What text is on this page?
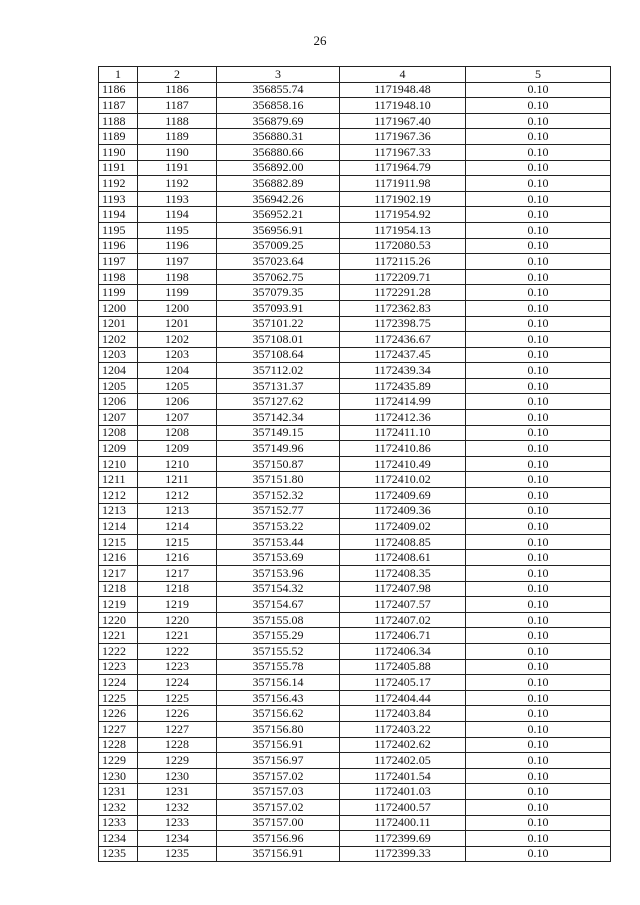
26
1	2	3	4	5
1186	1186	356855.74	1171948.48	0.10
1187	1187	356858.16	1171948.10	0.10
1188	1188	356879.69	1171967.40	0.10
1189	1189	356880.31	1171967.36	0.10
1190	1190	356880.66	1171967.33	0.10
1191	1191	356892.00	1171964.79	0.10
1192	1192	356882.89	1171911.98	0.10
1193	1193	356942.26	1171902.19	0.10
1194	1194	356952.21	1171954.92	0.10
1195	1195	356956.91	1171954.13	0.10
1196	1196	357009.25	1172080.53	0.10
1197	1197	357023.64	1172115.26	0.10
1198	1198	357062.75	1172209.71	0.10
1199	1199	357079.35	1172291.28	0.10
1200	1200	357093.91	1172362.83	0.10
1201	1201	357101.22	1172398.75	0.10
1202	1202	357108.01	1172436.67	0.10
1203	1203	357108.64	1172437.45	0.10
1204	1204	357112.02	1172439.34	0.10
1205	1205	357131.37	1172435.89	0.10
1206	1206	357127.62	1172414.99	0.10
1207	1207	357142.34	1172412.36	0.10
1208	1208	357149.15	1172411.10	0.10
1209	1209	357149.96	1172410.86	0.10
1210	1210	357150.87	1172410.49	0.10
1211	1211	357151.80	1172410.02	0.10
1212	1212	357152.32	1172409.69	0.10
1213	1213	357152.77	1172409.36	0.10
1214	1214	357153.22	1172409.02	0.10
1215	1215	357153.44	1172408.85	0.10
1216	1216	357153.69	1172408.61	0.10
1217	1217	357153.96	1172408.35	0.10
1218	1218	357154.32	1172407.98	0.10
1219	1219	357154.67	1172407.57	0.10
1220	1220	357155.08	1172407.02	0.10
1221	1221	357155.29	1172406.71	0.10
1222	1222	357155.52	1172406.34	0.10
1223	1223	357155.78	1172405.88	0.10
1224	1224	357156.14	1172405.17	0.10
1225	1225	357156.43	1172404.44	0.10
1226	1226	357156.62	1172403.84	0.10
1227	1227	357156.80	1172403.22	0.10
1228	1228	357156.91	1172402.62	0.10
1229	1229	357156.97	1172402.05	0.10
1230	1230	357157.02	1172401.54	0.10
1231	1231	357157.03	1172401.03	0.10
1232	1232	357157.02	1172400.57	0.10
1233	1233	357157.00	1172400.11	0.10
1234	1234	357156.96	1172399.69	0.10
1235	1235	357156.91	1172399.33	0.10
